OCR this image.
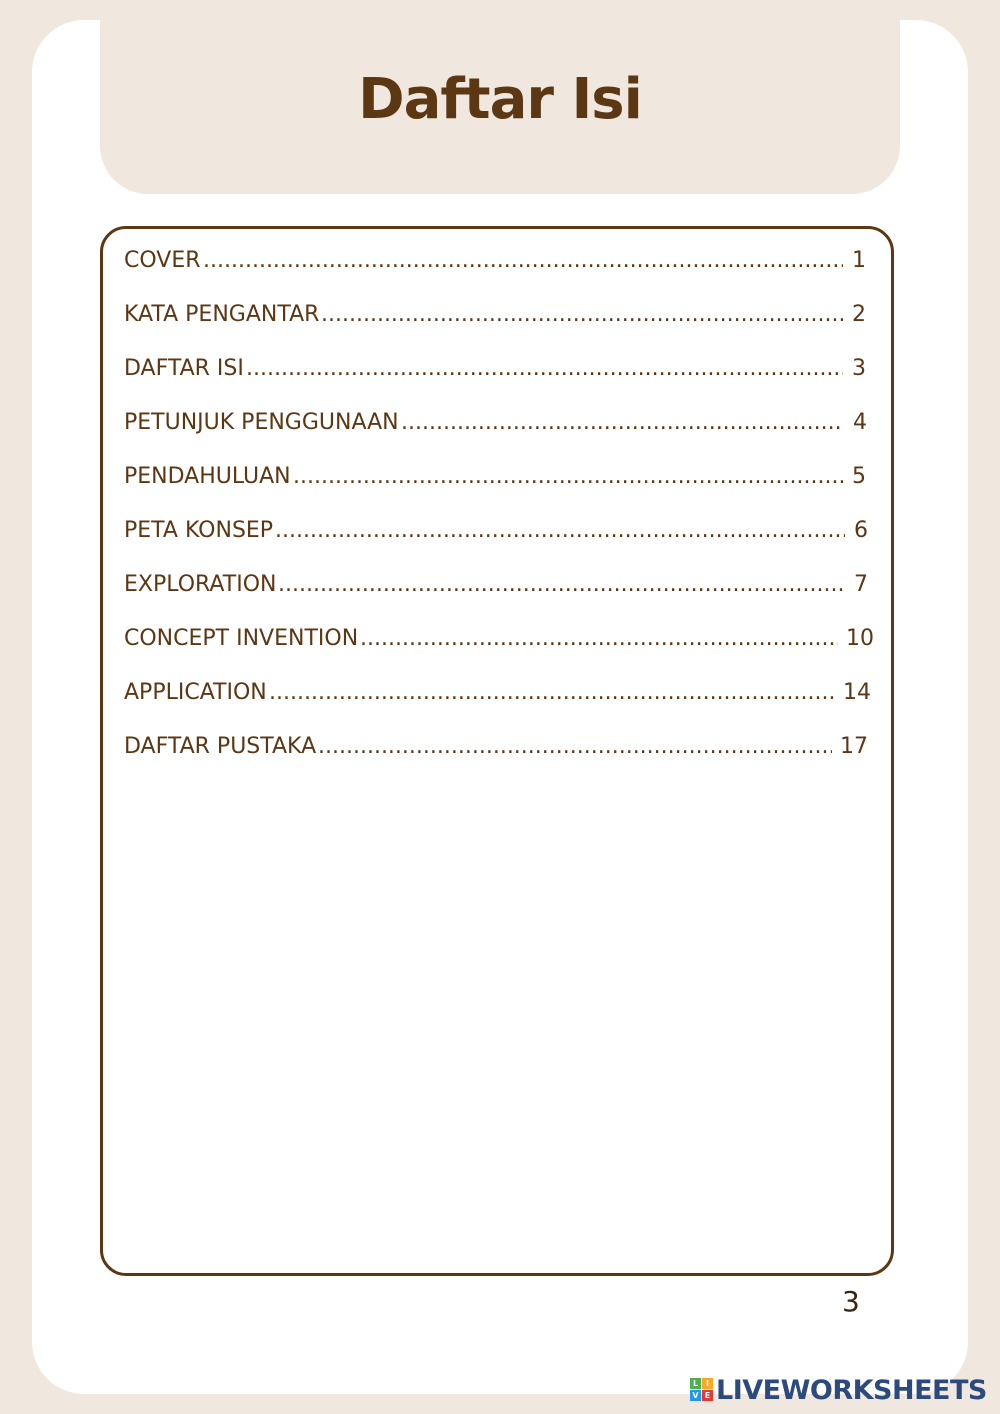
Daftar Isi
COVER .....	1
KATA PENGANTAR .....	2
DAFTAR ISI .....	3
PETUNJUK PENGGUNAAN .....	4
PENDAHULUAN .....	5
PETA KONSEP .....	6
EXPLORATION .....	7
CONCEPT INVENTION .....	10
APPLICATION .....	14
DAFTAR PUSTAKA .....	17
3
L I
V E LIVEWORKSHEETS
